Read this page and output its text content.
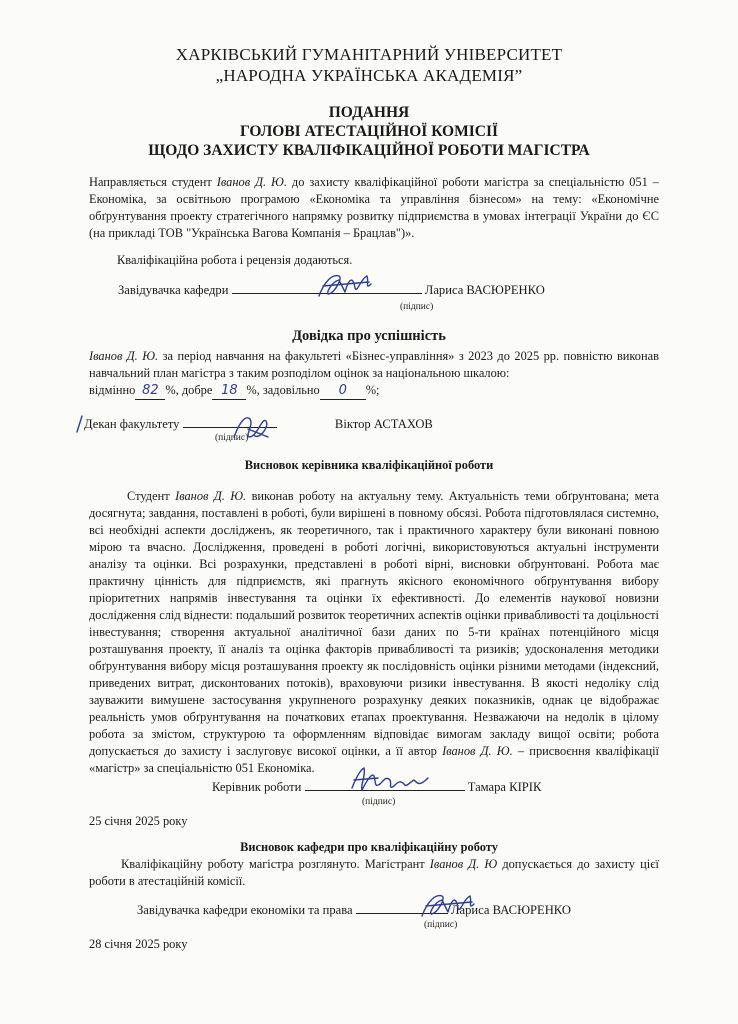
ХАРКІВСЬКИЙ ГУМАНІТАРНИЙ УНІВЕРСИТЕТ
„НАРОДНА УКРАЇНСЬКА АКАДЕМІЯ”
ПОДАННЯ
ГОЛОВІ АТЕСТАЦІЙНОЇ КОМІСІЇ
ЩОДО ЗАХИСТУ КВАЛІФІКАЦІЙНОЇ РОБОТИ МАГІСТРА
Направляється студент Іванов Д. Ю. до захисту кваліфікаційної роботи магістра за спеціальністю 051 – Економіка, за освітньою програмою «Економіка та управління бізнесом» на тему: «Економічне обґрунтування проекту стратегічного напрямку розвитку підприємства в умовах інтеграції України до ЄС (на прикладі ТОВ "Українська Вагова Компанія – Брацлав")».
Кваліфікаційна робота і рецензія додаються.
Завідувачка кафедри	Лариса ВАСЮРЕНКО
(підпис)
Довідка про успішність
Іванов Д. Ю. за період навчання на факультеті «Бізнес-управління» з 2023 до 2025 рр. повністю виконав навчальний план магістра з таким розподілом оцінок за національною шкалою:
відмінно 82 %, добре 18 %, задовільно 0 %;
Декан факультету	Віктор АСТАХОВ
(підпис)
Висновок керівника кваліфікаційної роботи
Студент Іванов Д. Ю. виконав роботу на актуальну тему. Актуальність теми обґрунтована; мета досягнута; завдання, поставлені в роботі, були вирішені в повному обсязі. Робота підготовлялася системно, всі необхідні аспекти дослідженъ, як теоретичного, так і практичного характеру були виконані повною мірою та вчасно. Дослідження, проведені в роботі логічні, використовуються актуальні інструменти аналізу та оцінки. Всі розрахунки, представлені в роботі вірні, висновки обґрунтовані. Робота має практичну цінність для підприємств, які прагнуть якісного економічного обґрунтування вибору пріоритетних напрямів інвестування та оцінки їх ефективності. До елементів наукової новизни дослідження слід віднести: подальший розвиток теоретичних аспектів оцінки привабливості та доцільності інвестування; створення актуальної аналітичної бази даних по 5-ти країнах потенційного місця розташування проекту, її аналіз та оцінка факторів привабливості та ризиків; удосконалення методики обґрунтування вибору місця розташування проекту як послідовність оцінки різними методами (індексний, приведених витрат, дисконтованих потоків), враховуючи ризики інвестування. В якості недоліку слід зауважити вимушене застосування укрупненого розрахунку деяких показників, однак це відображає реальність умов обґрунтування на початкових етапах проектування. Незважаючи на недолік в цілому робота за змістом, структурою та оформленням відповідає вимогам закладу вищої освіти; робота допускається до захисту і заслуговує високої оцінки, а її автор Іванов Д. Ю. – присвоєння кваліфікації «магістр» за спеціальністю 051 Економіка.
Керівник роботи	Тамара КІРІК
(підпис)
25 січня 2025 року
Висновок кафедри про кваліфікаційну роботу
Кваліфікаційну роботу магістра розглянуто. Магістрант Іванов Д. Ю допускається до захисту цієї роботи в атестаційній комісії.
Завідувачка кафедри економіки та права	Лариса ВАСЮРЕНКО
(підпис)
28 січня 2025 року
